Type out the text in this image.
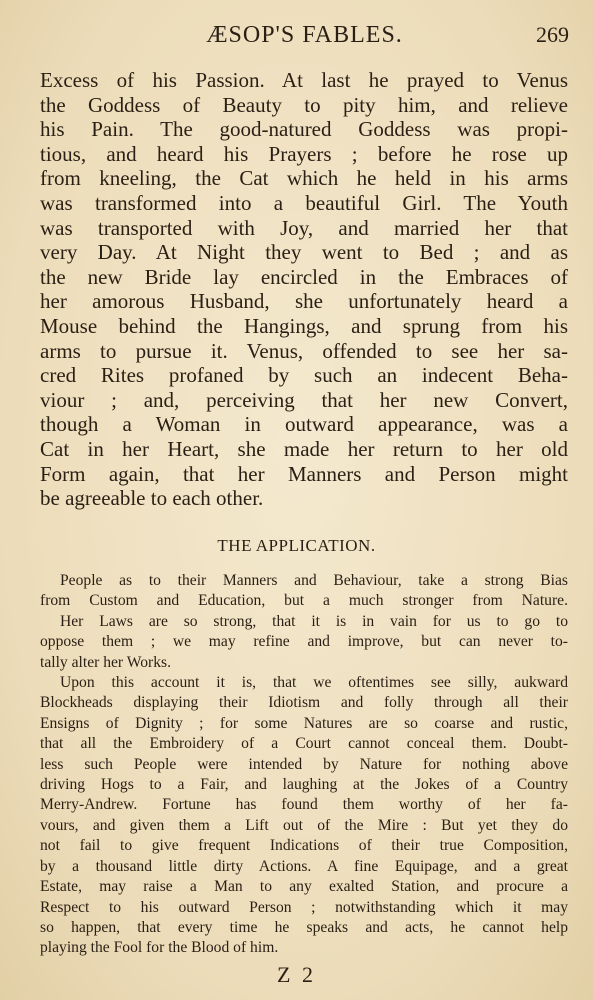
ÆSOP'S FABLES.	269
Excess of his Passion. At last he prayed to Venus
the Goddess of Beauty to pity him, and relieve
his Pain. The good-natured Goddess was propi-
tious, and heard his Prayers ; before he rose up
from kneeling, the Cat which he held in his arms
was transformed into a beautiful Girl. The Youth
was transported with Joy, and married her that
very Day. At Night they went to Bed ; and as
the new Bride lay encircled in the Embraces of
her amorous Husband, she unfortunately heard a
Mouse behind the Hangings, and sprung from his
arms to pursue it. Venus, offended to see her sa-
cred Rites profaned by such an indecent Beha-
viour ; and, perceiving that her new Convert,
though a Woman in outward appearance, was a
Cat in her Heart, she made her return to her old
Form again, that her Manners and Person might
be agreeable to each other.
THE APPLICATION.
People as to their Manners and Behaviour, take a strong Bias
from Custom and Education, but a much stronger from Nature.
Her Laws are so strong, that it is in vain for us to go to
oppose them ; we may refine and improve, but can never to-
tally alter her Works.
Upon this account it is, that we oftentimes see silly, aukward
Blockheads displaying their Idiotism and folly through all their
Ensigns of Dignity ; for some Natures are so coarse and rustic,
that all the Embroidery of a Court cannot conceal them. Doubt-
less such People were intended by Nature for nothing above
driving Hogs to a Fair, and laughing at the Jokes of a Country
Merry-Andrew. Fortune has found them worthy of her fa-
vours, and given them a Lift out of the Mire : But yet they do
not fail to give frequent Indications of their true Composition,
by a thousand little dirty Actions. A fine Equipage, and a great
Estate, may raise a Man to any exalted Station, and procure a
Respect to his outward Person ; notwithstanding which it may
so happen, that every time he speaks and acts, he cannot help
playing the Fool for the Blood of him.
Z 2
